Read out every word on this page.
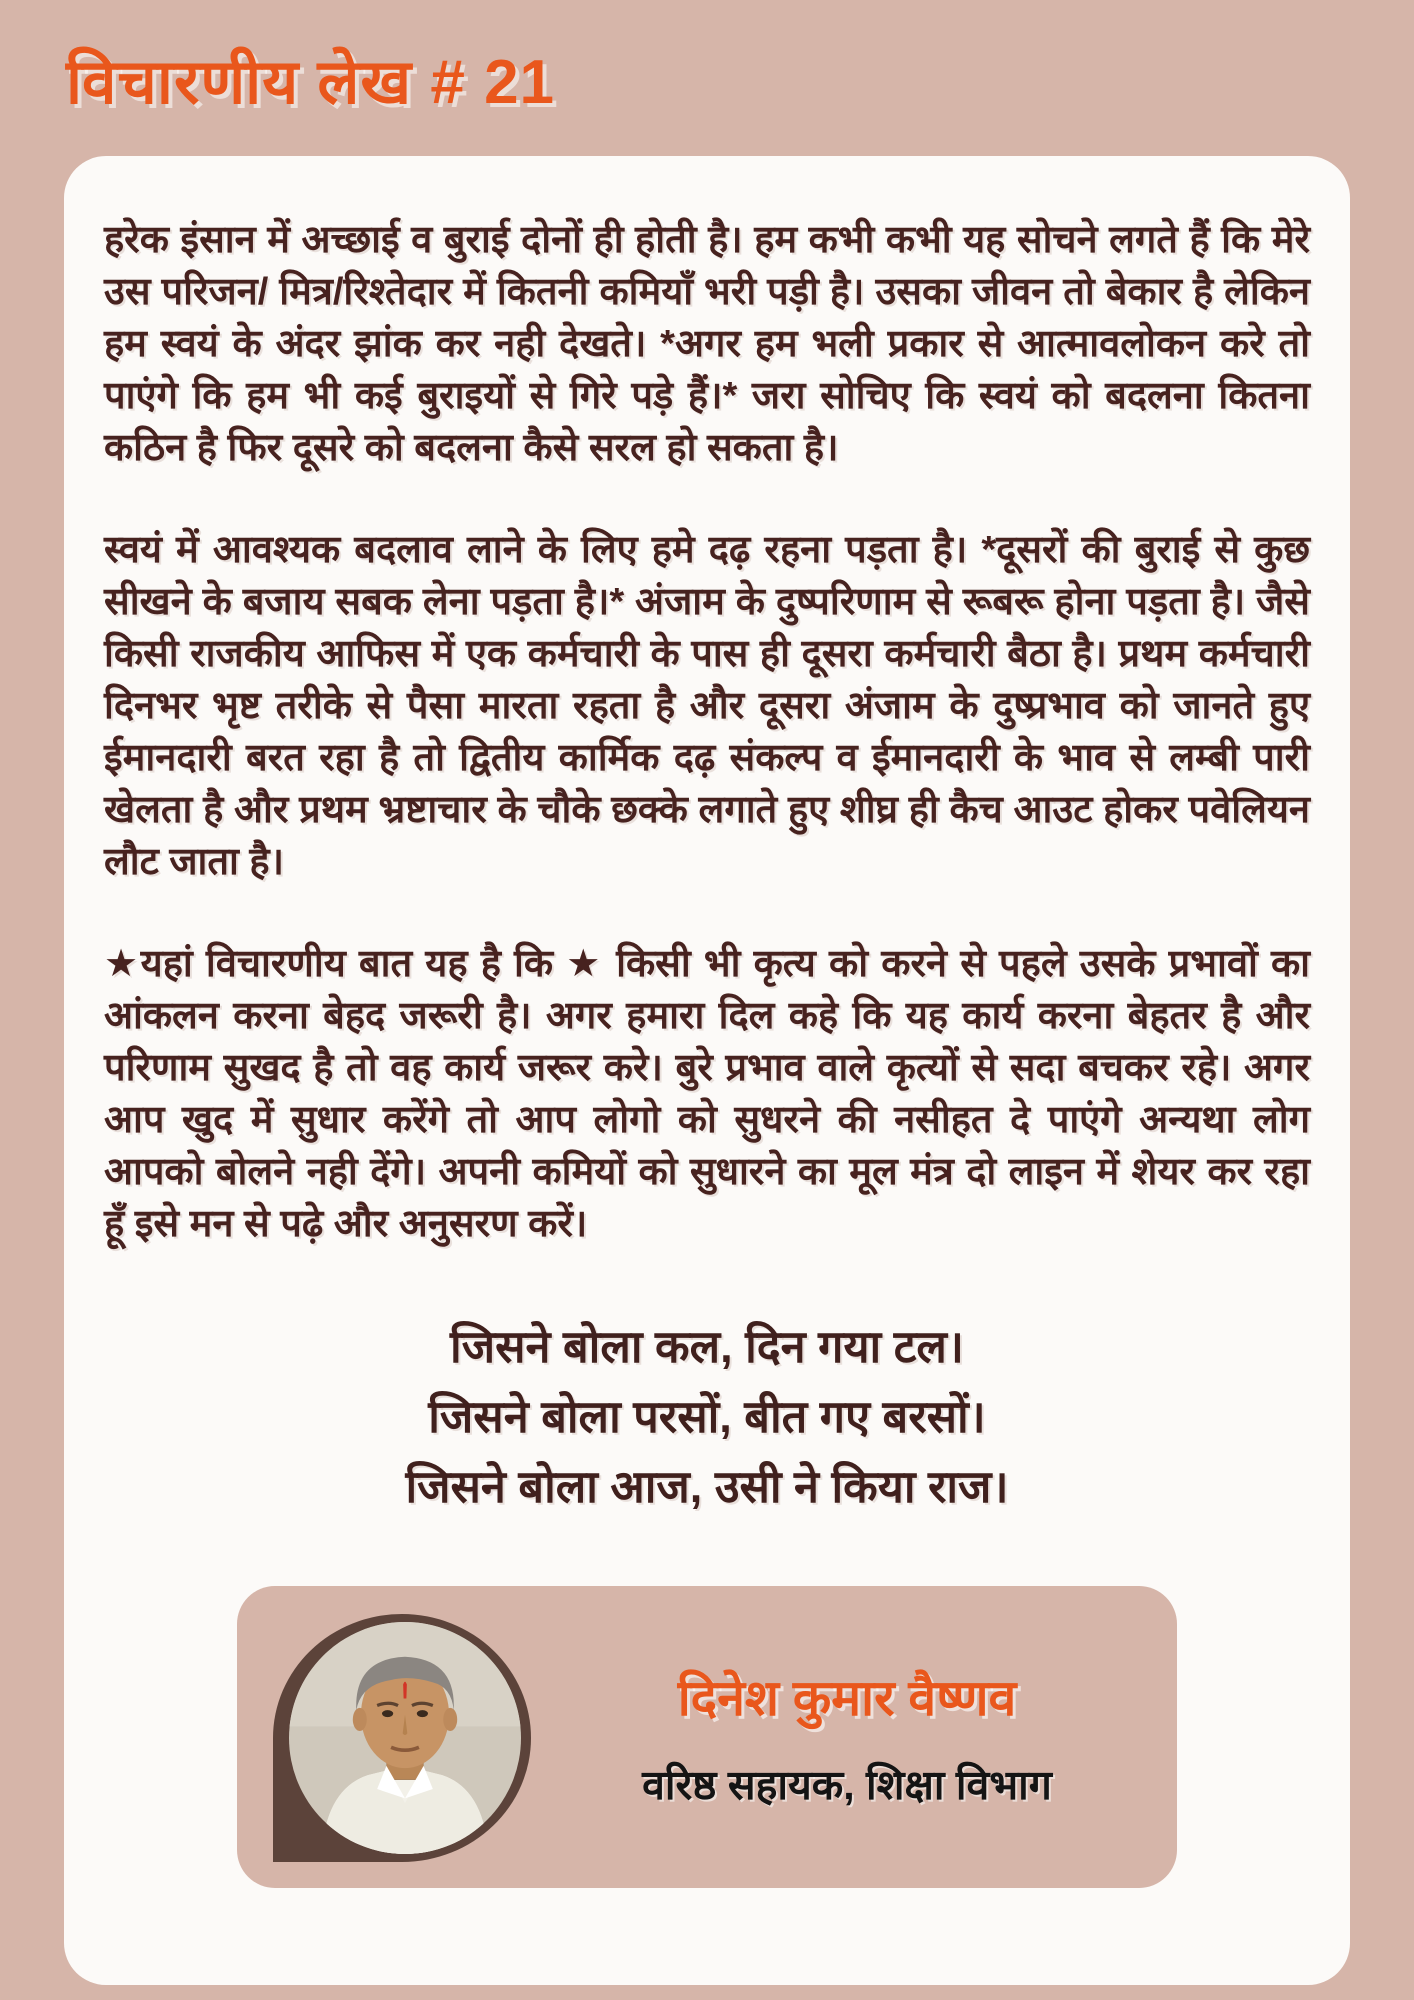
विचारणीय लेख # 21

हरेक इंसान में अच्छाई व बुराई दोनों ही होती है। हम कभी कभी यह सोचने लगते हैं कि मेरे उस परिजन/ मित्र/रिश्तेदार में कितनी कमियाँ भरी पड़ी है। उसका जीवन तो बेकार है लेकिन हम स्वयं के अंदर झांक कर नही देखते। *अगर हम भली प्रकार से आत्मावलोकन करे तो पाएंगे कि हम भी कई बुराइयों से गिरे पड़े हैं।* जरा सोचिए कि स्वयं को बदलना कितना कठिन है फिर दूसरे को बदलना कैसे सरल हो सकता है।

स्वयं में आवश्यक बदलाव लाने के लिए हमे दढ़ रहना पड़ता है। *दूसरों की बुराई से कुछ सीखने के बजाय सबक लेना पड़ता है।* अंजाम के दुष्परिणाम से रूबरू होना पड़ता है। जैसे किसी राजकीय आफिस में एक कर्मचारी के पास ही दूसरा कर्मचारी बैठा है। प्रथम कर्मचारी दिनभर भृष्ट तरीके से पैसा मारता रहता है और दूसरा अंजाम के दुष्प्रभाव को जानते हुए ईमानदारी बरत रहा है तो द्वितीय कार्मिक दढ़ संकल्प व ईमानदारी के भाव से लम्बी पारी खेलता है और प्रथम भ्रष्टाचार के चौके छक्के लगाते हुए शीघ्र ही कैच आउट होकर पवेलियन लौट जाता है।

★यहां विचारणीय बात यह है कि ★ किसी भी कृत्य को करने से पहले उसके प्रभावों का आंकलन करना बेहद जरूरी है। अगर हमारा दिल कहे कि यह कार्य करना बेहतर है और परिणाम सुखद है तो वह कार्य जरूर करे। बुरे प्रभाव वाले कृत्यों से सदा बचकर रहे। अगर आप खुद में सुधार करेंगे तो आप लोगो को सुधरने की नसीहत दे पाएंगे अन्यथा लोग आपको बोलने नही देंगे। अपनी कमियों को सुधारने का मूल मंत्र दो लाइन में शेयर कर रहा हूँ इसे मन से पढ़े और अनुसरण करें।

जिसने बोला कल, दिन गया टल।
जिसने बोला परसों, बीत गए बरसों।
जिसने बोला आज, उसी ने किया राज।
दिनेश कुमार वैष्णव
वरिष्ठ सहायक, शिक्षा विभाग
